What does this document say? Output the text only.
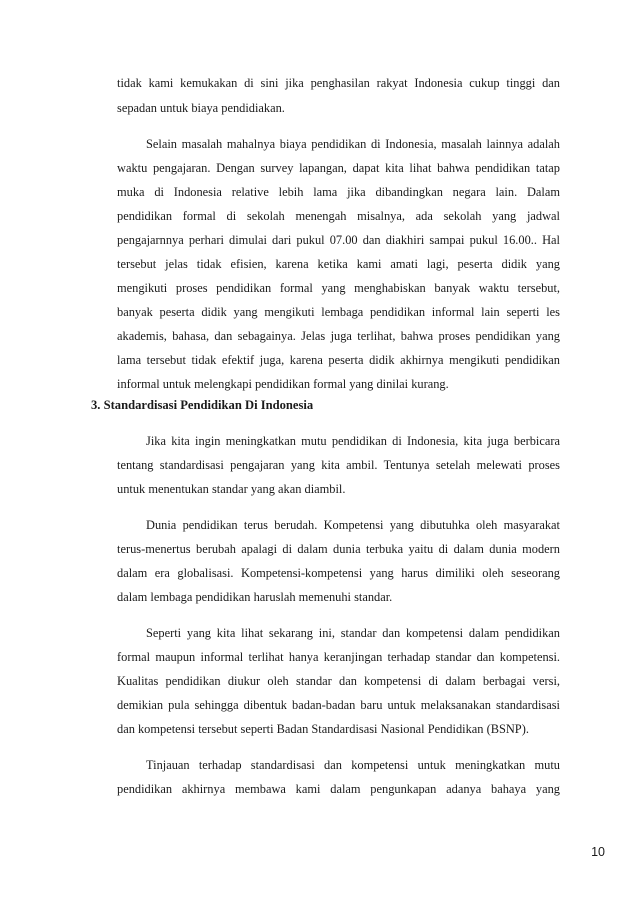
tidak kami kemukakan di sini jika penghasilan rakyat Indonesia cukup tinggi dan
sepadan untuk biaya pendidiakan.
Selain masalah mahalnya biaya pendidikan di Indonesia, masalah lainnya adalah
waktu pengajaran. Dengan survey lapangan, dapat kita lihat bahwa pendidikan tatap
muka di Indonesia relative lebih lama jika dibandingkan negara lain. Dalam
pendidikan formal di sekolah menengah misalnya, ada sekolah yang jadwal
pengajarnnya perhari dimulai dari pukul 07.00 dan diakhiri sampai pukul 16.00.. Hal
tersebut jelas tidak efisien, karena ketika kami amati lagi, peserta didik yang
mengikuti proses pendidikan formal yang menghabiskan banyak waktu tersebut,
banyak peserta didik yang mengikuti lembaga pendidikan informal lain seperti les
akademis, bahasa, dan sebagainya. Jelas juga terlihat, bahwa proses pendidikan yang
lama tersebut tidak efektif juga, karena peserta didik akhirnya mengikuti pendidikan
informal untuk melengkapi pendidikan formal yang dinilai kurang.
3. Standardisasi Pendidikan Di Indonesia
Jika kita ingin meningkatkan mutu pendidikan di Indonesia, kita juga berbicara
tentang standardisasi pengajaran yang kita ambil. Tentunya setelah melewati proses
untuk menentukan standar yang akan diambil.
Dunia pendidikan terus berudah. Kompetensi yang dibutuhka oleh masyarakat
terus-menertus berubah apalagi di dalam dunia terbuka yaitu di dalam dunia modern
dalam era globalisasi. Kompetensi-kompetensi yang harus dimiliki oleh seseorang
dalam lembaga pendidikan haruslah memenuhi standar.
Seperti yang kita lihat sekarang ini, standar dan kompetensi dalam pendidikan
formal maupun informal terlihat hanya keranjingan terhadap standar dan kompetensi.
Kualitas pendidikan diukur oleh standar dan kompetensi di dalam berbagai versi,
demikian pula sehingga dibentuk badan-badan baru untuk melaksanakan standardisasi
dan kompetensi tersebut seperti Badan Standardisasi Nasional Pendidikan (BSNP).
Tinjauan terhadap standardisasi dan kompetensi untuk meningkatkan mutu
pendidikan akhirnya membawa kami dalam pengunkapan adanya bahaya yang
10
